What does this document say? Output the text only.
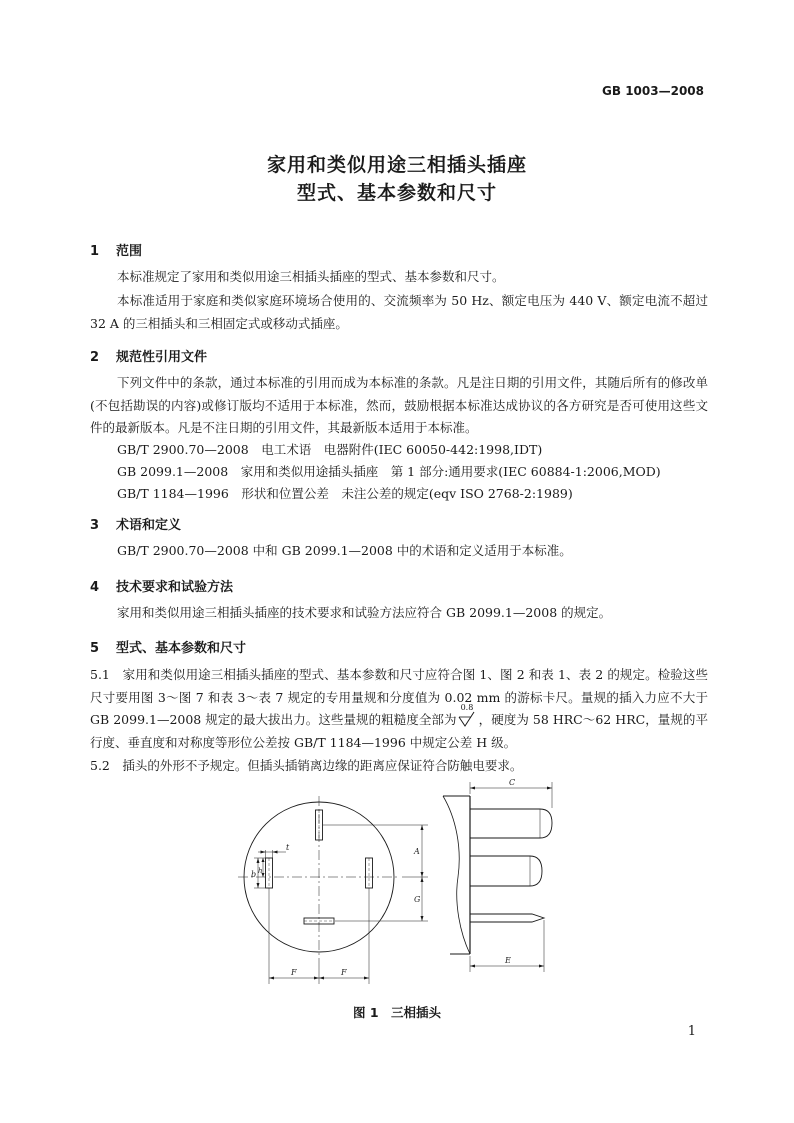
GB 1003—2008
家用和类似用途三相插头插座
型式、基本参数和尺寸
1 范围

本标准规定了家用和类似用途三相插头插座的型式、基本参数和尺寸。

本标准适用于家庭和类似家庭环境场合使用的、交流频率为 50 Hz、额定电压为 440 V、额定电流不超过 32 A 的三相插头和三相固定式或移动式插座。

2 规范性引用文件

下列文件中的条款，通过本标准的引用而成为本标准的条款。凡是注日期的引用文件，其随后所有的修改单(不包括勘误的内容)或修订版均不适用于本标准，然而，鼓励根据本标准达成协议的各方研究是否可使用这些文件的最新版本。凡是不注日期的引用文件，其最新版本适用于本标准。

GB/T 2900.70—2008　电工术语　电器附件(IEC 60050-442:1998,IDT)
GB 2099.1—2008　家用和类似用途插头插座　第 1 部分:通用要求(IEC 60884-1:2006,MOD)
GB/T 1184—1996　形状和位置公差　未注公差的规定(eqv ISO 2768-2:1989)
3 术语和定义

GB/T 2900.70—2008 中和 GB 2099.1—2008 中的术语和定义适用于本标准。

4 技术要求和试验方法

家用和类似用途三相插头插座的技术要求和试验方法应符合 GB 2099.1—2008 的规定。

5 型式、基本参数和尺寸

5.1　 家用和类似用途三相插头插座的型式、基本参数和尺寸应符合图 1、图 2 和表 1、表 2 的规定。检验这些尺寸要用图 3～图 7 和表 3～表 7 规定的专用量规和分度值为 0.02 mm 的游标卡尺。量规的插入力应不大于 GB 2099.1—2008 规定的最大拔出力。这些量规的粗糙度全部为
0.8
，硬度为 58 HRC～62 HRC，量规的平行度、垂直度和对称度等形位公差按 GB/T 1184—1996 中规定公差 H 级。

5.2　 插头的外形不予规定。但插头插销离边缘的距离应保证符合防触电要求。

C
A
G
E
F	F
t
b h
图 1　三相插头
1
